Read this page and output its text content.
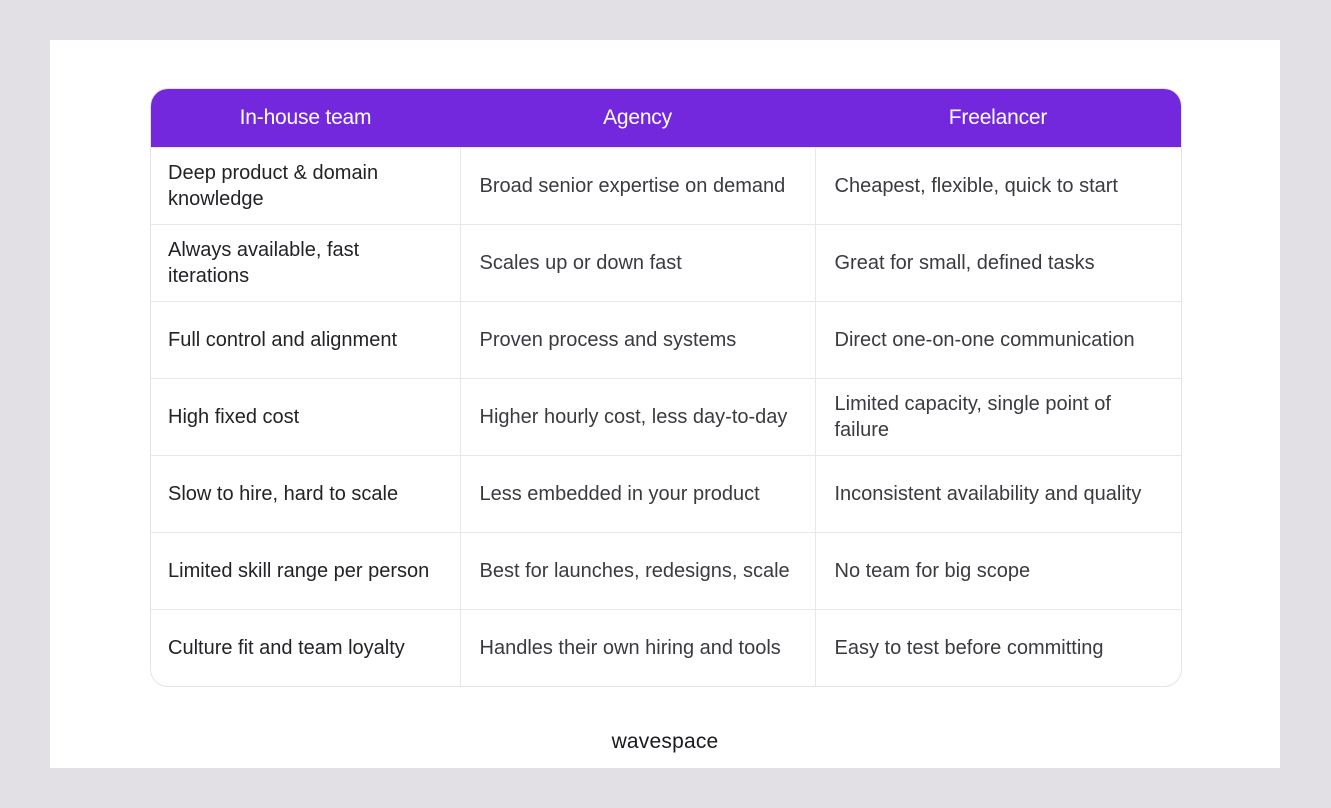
In-house team	Agency	Freelancer
Deep product & domain knowledge	Broad senior expertise on demand	Cheapest, flexible, quick to start
Always available, fast iterations	Scales up or down fast	Great for small, defined tasks
Full control and alignment	Proven process and systems	Direct one-on-one communication
High fixed cost	Higher hourly cost, less day-to-day	Limited capacity, single point of failure
Slow to hire, hard to scale	Less embedded in your product	Inconsistent availability and quality
Limited skill range per person	Best for launches, redesigns, scale	No team for big scope
Culture fit and team loyalty	Handles their own hiring and tools	Easy to test before committing
wavespace
